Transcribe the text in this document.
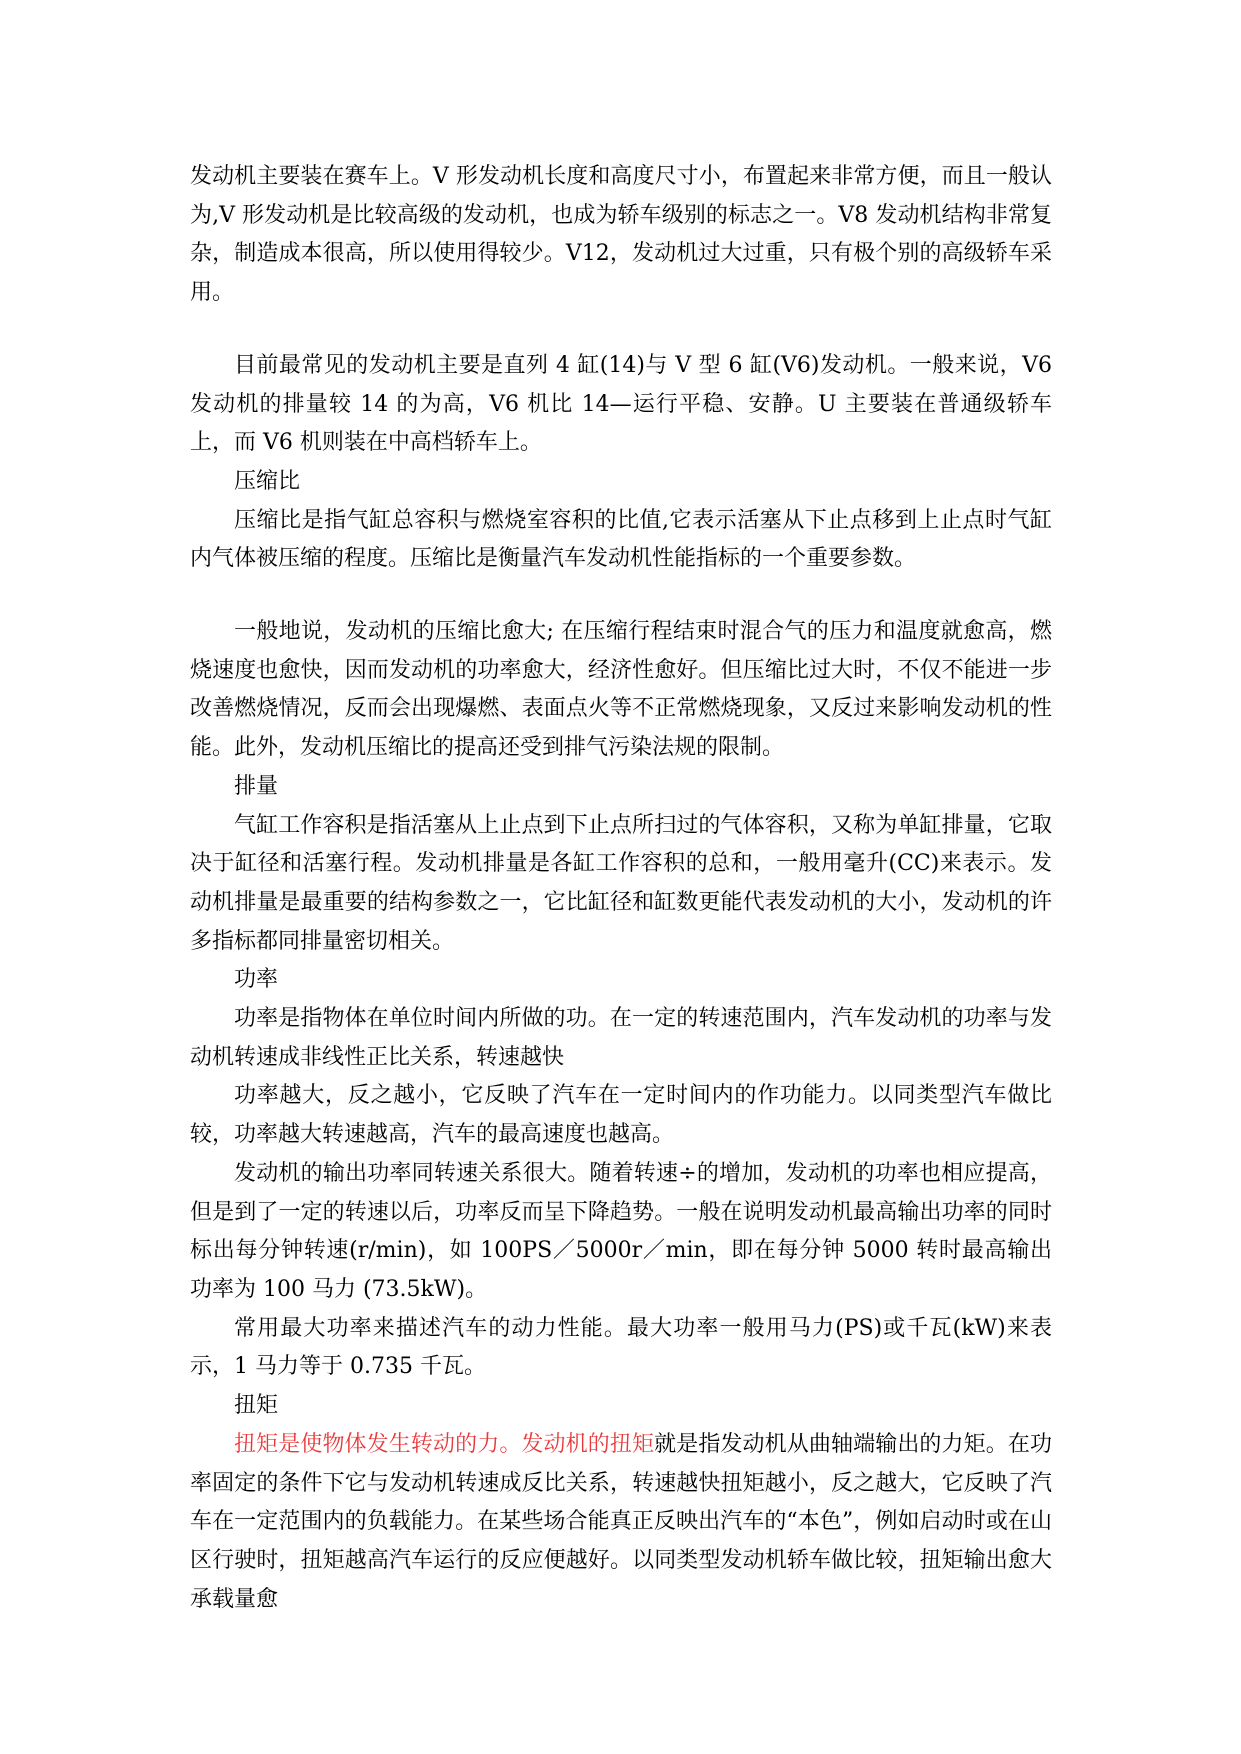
发动机主要装在赛车上。V 形发动机长度和高度尺寸小，布置起来非常方便，而且一般认为,V 形发动机是比较高级的发动机，也成为轿车级别的标志之一。V8 发动机结构非常复杂，制造成本很高，所以使用得较少。V12，发动机过大过重，只有极个别的高级轿车采用。

目前最常见的发动机主要是直列 4 缸(14)与 V 型 6 缸(V6)发动机。一般来说，V6 发动机的排量较 14 的为高，V6 机比 14—运行平稳、安静。U 主要装在普通级轿车上，而 V6 机则装在中高档轿车上。

压缩比

压缩比是指气缸总容积与燃烧室容积的比值,它表示活塞从下止点移到上止点时气缸内气体被压缩的程度。压缩比是衡量汽车发动机性能指标的一个重要参数。

一般地说，发动机的压缩比愈大; 在压缩行程结束时混合气的压力和温度就愈高，燃烧速度也愈快，因而发动机的功率愈大，经济性愈好。但压缩比过大时，不仅不能进一步改善燃烧情况，反而会出现爆燃、表面点火等不正常燃烧现象，又反过来影响发动机的性能。此外，发动机压缩比的提高还受到排气污染法规的限制。

排量

气缸工作容积是指活塞从上止点到下止点所扫过的气体容积，又称为单缸排量，它取决于缸径和活塞行程。发动机排量是各缸工作容积的总和，一般用毫升(CC)来表示。发动机排量是最重要的结构参数之一，它比缸径和缸数更能代表发动机的大小，发动机的许多指标都同排量密切相关。

功率

功率是指物体在单位时间内所做的功。在一定的转速范围内，汽车发动机的功率与发动机转速成非线性正比关系，转速越快

功率越大，反之越小，它反映了汽车在一定时间内的作功能力。以同类型汽车做比较，功率越大转速越高，汽车的最高速度也越高。

发动机的输出功率同转速关系很大。随着转速÷的增加，发动机的功率也相应提高，但是到了一定的转速以后，功率反而呈下降趋势。一般在说明发动机最高输出功率的同时标出每分钟转速(r/min)，如 100PS／5000r／min，即在每分钟 5000 转时最高输出功率为 100 马力 (73.5kW)。

常用最大功率来描述汽车的动力性能。最大功率一般用马力(PS)或千瓦(kW)来表示，1 马力等于 0.735 千瓦。

扭矩

扭矩是使物体发生转动的力。发动机的扭矩就是指发动机从曲轴端输出的力矩。在功率固定的条件下它与发动机转速成反比关系，转速越快扭矩越小，反之越大，它反映了汽车在一定范围内的负载能力。在某些场合能真正反映出汽车的“本色”，例如启动时或在山区行驶时，扭矩越高汽车运行的反应便越好。以同类型发动机轿车做比较，扭矩输出愈大承载量愈
